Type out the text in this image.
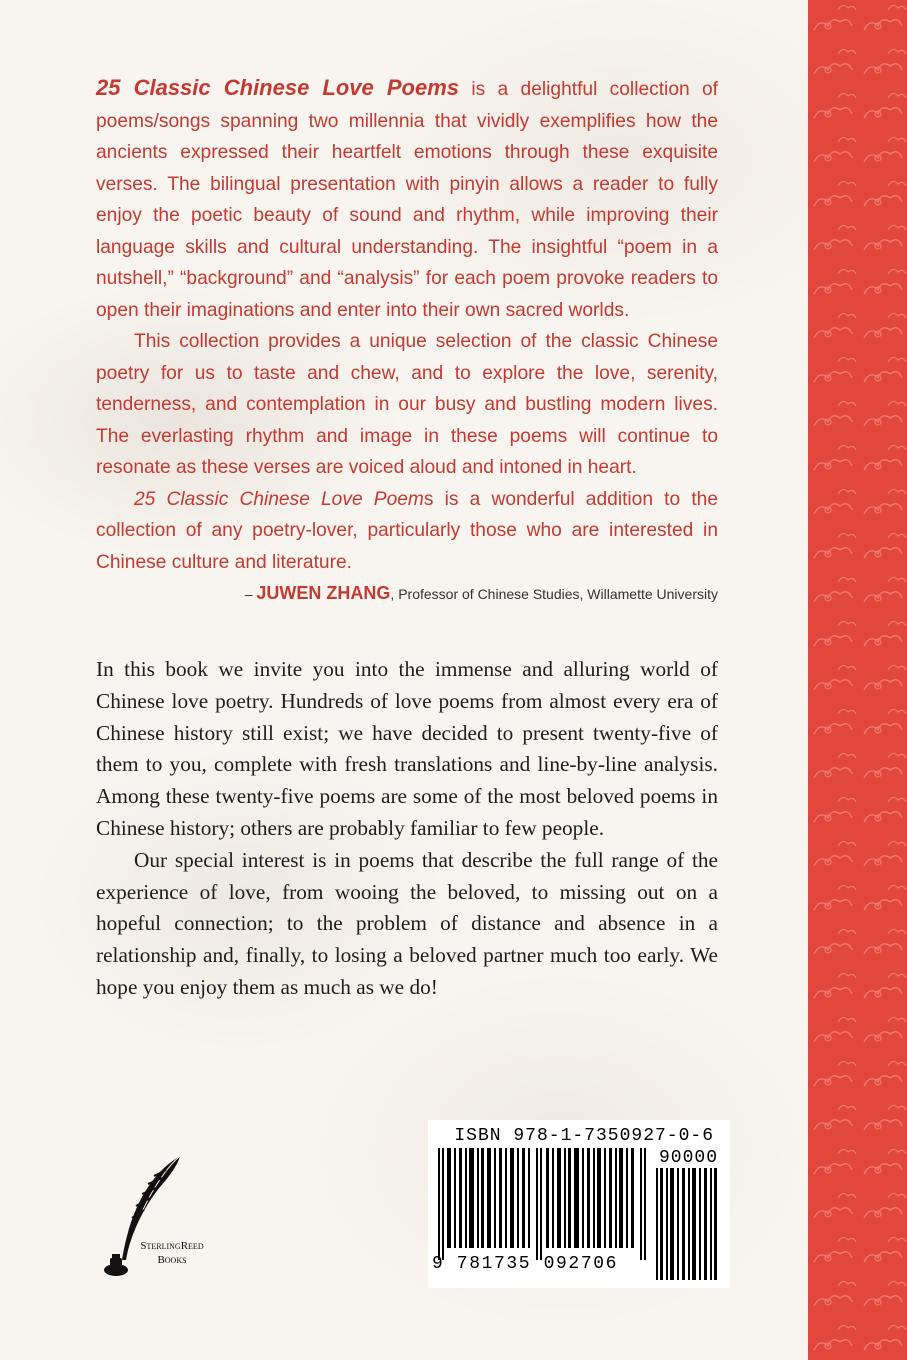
25 Classic Chinese Love Poems is a delightful collection of poems/songs spanning two millennia that vividly exemplifies how the ancients expressed their heartfelt emotions through these exquisite verses. The bilingual presentation with pinyin allows a reader to fully enjoy the poetic beauty of sound and rhythm, while improving their language skills and cultural understanding. The insightful “poem in a nutshell,” “background” and “analysis” for each poem provoke readers to open their imaginations and enter into their own sacred worlds.

This collection provides a unique selection of the classic Chinese poetry for us to taste and chew, and to explore the love, serenity, tenderness, and contemplation in our busy and bustling modern lives. The everlasting rhythm and image in these poems will continue to resonate as these verses are voiced aloud and intoned in heart.

25 Classic Chinese Love Poems is a wonderful addition to the collection of any poetry-lover, particularly those who are interested in Chinese culture and literature.

– JUWEN ZHANG, Professor of Chinese Studies, Willamette University

In this book we invite you into the immense and alluring world of Chinese love poetry. Hundreds of love poems from almost every era of Chinese history still exist; we have decided to present twenty-five of them to you, complete with fresh translations and line-by-line analysis. Among these twenty-five poems are some of the most beloved poems in Chinese history; others are probably familiar to few people.

Our special interest is in poems that describe the full range of the experience of love, from wooing the beloved, to missing out on a hopeful connection; to the problem of distance and absence in a relationship and, finally, to losing a beloved partner much too early. We hope you enjoy them as much as we do!

SterlingReed
Books
ISBN 978-1-7350927-0-6
90000
9 781735 092706
